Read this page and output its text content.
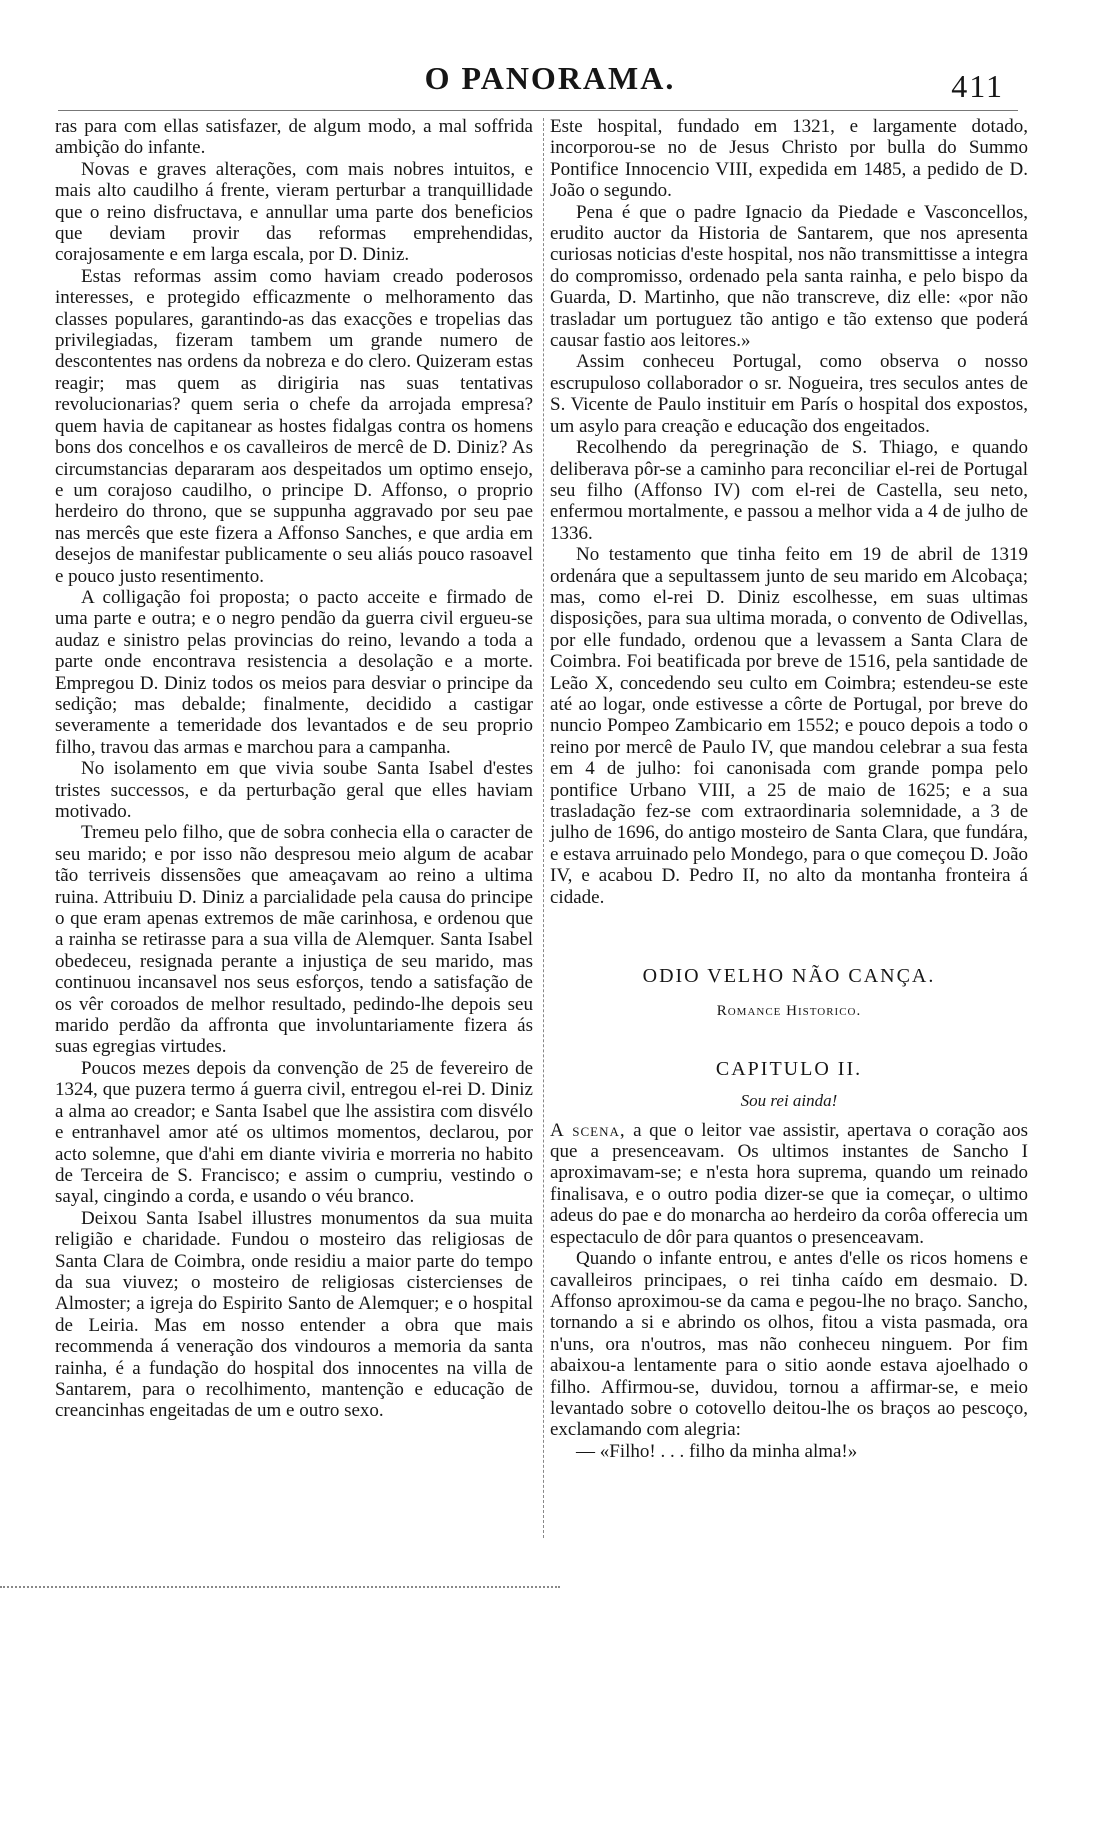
O PANORAMA.	411

ras para com ellas satisfazer, de algum modo, a mal soffrida ambição do infante.

Novas e graves alterações, com mais nobres intuitos, e mais alto caudilho á frente, vieram perturbar a tranquillidade que o reino disfructava, e annullar uma parte dos beneficios que deviam provir das reformas emprehendidas, corajosamente e em larga escala, por D. Diniz.

Estas reformas assim como haviam creado poderosos interesses, e protegido efficazmente o melhoramento das classes populares, garantindo-as das exacções e tropelias das privilegiadas, fizeram tambem um grande numero de descontentes nas ordens da nobreza e do clero. Quizeram estas reagir; mas quem as dirigiria nas suas tentativas revolucionarias? quem seria o chefe da arrojada empresa? quem havia de capitanear as hostes fidalgas contra os homens bons dos concelhos e os cavalleiros de mercê de D. Diniz? As circumstancias depararam aos despeitados um optimo ensejo, e um corajoso caudilho, o principe D. Affonso, o proprio herdeiro do throno, que se suppunha aggravado por seu pae nas mercês que este fizera a Affonso Sanches, e que ardia em desejos de manifestar publicamente o seu aliás pouco rasoavel e pouco justo resentimento.

A colligação foi proposta; o pacto acceite e firmado de uma parte e outra; e o negro pendão da guerra civil ergueu-se audaz e sinistro pelas provincias do reino, levando a toda a parte onde encontrava resistencia a desolação e a morte. Empregou D. Diniz todos os meios para desviar o principe da sedição; mas debalde; finalmente, decidido a castigar severamente a temeridade dos levantados e de seu proprio filho, travou das armas e marchou para a campanha.

No isolamento em que vivia soube Santa Isabel d'estes tristes successos, e da perturbação geral que elles haviam motivado.

Tremeu pelo filho, que de sobra conhecia ella o caracter de seu marido; e por isso não despresou meio algum de acabar tão terriveis dissensões que ameaçavam ao reino a ultima ruina. Attribuiu D. Diniz a parcialidade pela causa do principe o que eram apenas extremos de mãe carinhosa, e ordenou que a rainha se retirasse para a sua villa de Alemquer. Santa Isabel obedeceu, resignada perante a injustiça de seu marido, mas continuou incansavel nos seus esforços, tendo a satisfação de os vêr coroados de melhor resultado, pedindo-lhe depois seu marido perdão da affronta que involuntariamente fizera ás suas egregias virtudes.

Poucos mezes depois da convenção de 25 de fevereiro de 1324, que puzera termo á guerra civil, entregou el-rei D. Diniz a alma ao creador; e Santa Isabel que lhe assistira com disvélo e entranhavel amor até os ultimos momentos, declarou, por acto solemne, que d'ahi em diante viviria e morreria no habito de Terceira de S. Francisco; e assim o cumpriu, vestindo o sayal, cingindo a corda, e usando o véu branco.

Deixou Santa Isabel illustres monumentos da sua muita religião e charidade. Fundou o mosteiro das religiosas de Santa Clara de Coimbra, onde residiu a maior parte do tempo da sua viuvez; o mosteiro de religiosas cistercienses de Almoster; a igreja do Espirito Santo de Alemquer; e o hospital de Leiria. Mas em nosso entender a obra que mais recommenda á veneração dos vindouros a memoria da santa rainha, é a fundação do hospital dos innocentes na villa de Santarem, para o recolhimento, mantenção e educação de creancinhas engeitadas de um e outro sexo.

Este hospital, fundado em 1321, e largamente dotado, incorporou-se no de Jesus Christo por bulla do Summo Pontifice Innocencio VIII, expedida em 1485, a pedido de D. João o segundo.

Pena é que o padre Ignacio da Piedade e Vasconcellos, erudito auctor da Historia de Santarem, que nos apresenta curiosas noticias d'este hospital, nos não transmittisse a integra do compromisso, ordenado pela santa rainha, e pelo bispo da Guarda, D. Martinho, que não transcreve, diz elle: «por não trasladar um portuguez tão antigo e tão extenso que poderá causar fastio aos leitores.»

Assim conheceu Portugal, como observa o nosso escrupuloso collaborador o sr. Nogueira, tres seculos antes de S. Vicente de Paulo instituir em París o hospital dos expostos, um asylo para creação e educação dos engeitados.

Recolhendo da peregrinação de S. Thiago, e quando deliberava pôr-se a caminho para reconciliar el-rei de Portugal seu filho (Affonso IV) com el-rei de Castella, seu neto, enfermou mortalmente, e passou a melhor vida a 4 de julho de 1336.

No testamento que tinha feito em 19 de abril de 1319 ordenára que a sepultassem junto de seu marido em Alcobaça; mas, como el-rei D. Diniz escolhesse, em suas ultimas disposições, para sua ultima morada, o convento de Odivellas, por elle fundado, ordenou que a levassem a Santa Clara de Coimbra. Foi beatificada por breve de 1516, pela santidade de Leão X, concedendo seu culto em Coimbra; estendeu-se este até ao logar, onde estivesse a côrte de Portugal, por breve do nuncio Pompeo Zambicario em 1552; e pouco depois a todo o reino por mercê de Paulo IV, que mandou celebrar a sua festa em 4 de julho: foi canonisada com grande pompa pelo pontifice Urbano VIII, a 25 de maio de 1625; e a sua trasladação fez-se com extraordinaria solemnidade, a 3 de julho de 1696, do antigo mosteiro de Santa Clara, que fundára, e estava arruinado pelo Mondego, para o que começou D. João IV, e acabou D. Pedro II, no alto da montanha fronteira á cidade.

ODIO VELHO NÃO CANÇA.
Romance Historico.
CAPITULO II.
Sou rei ainda!

A scena, a que o leitor vae assistir, apertava o coração aos que a presenceavam. Os ultimos instantes de Sancho I aproximavam-se; e n'esta hora suprema, quando um reinado finalisava, e o outro podia dizer-se que ia começar, o ultimo adeus do pae e do monarcha ao herdeiro da corôa offerecia um espectaculo de dôr para quantos o presenceavam.

Quando o infante entrou, e antes d'elle os ricos homens e cavalleiros principaes, o rei tinha caído em desmaio. D. Affonso aproximou-se da cama e pegou-lhe no braço. Sancho, tornando a si e abrindo os olhos, fitou a vista pasmada, ora n'uns, ora n'outros, mas não conheceu ninguem. Por fim abaixou-a lentamente para o sitio aonde estava ajoelhado o filho. Affirmou-se, duvidou, tornou a affirmar-se, e meio levantado sobre o cotovello deitou-lhe os braços ao pescoço, exclamando com alegria:

— «Filho! . . . filho da minha alma!»
